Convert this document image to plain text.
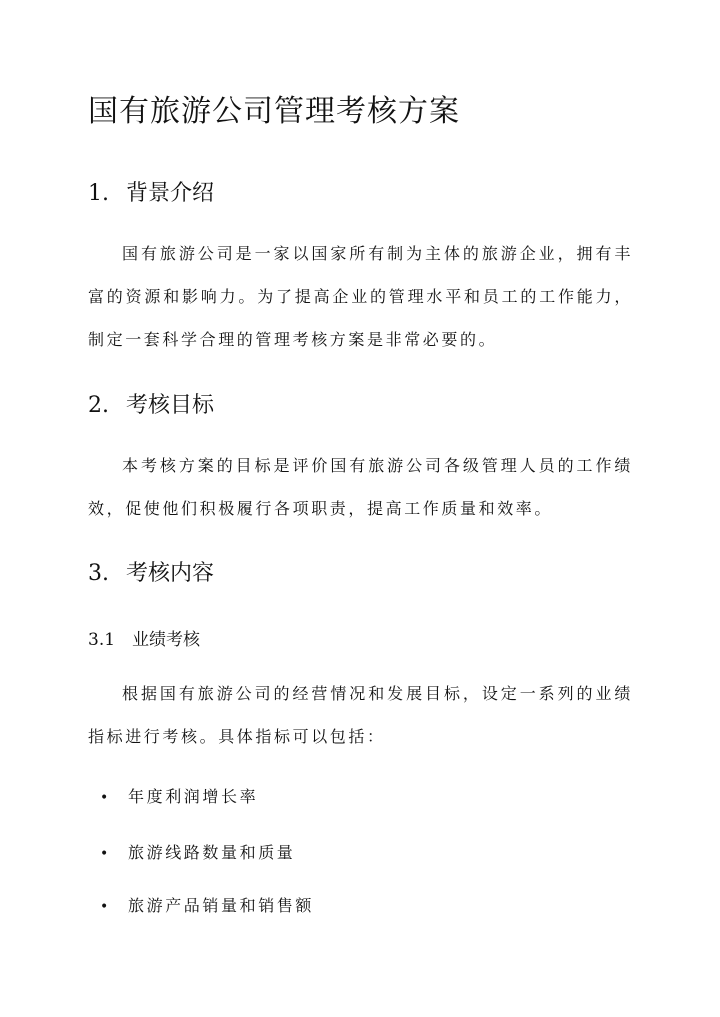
国有旅游公司管理考核方案
1. 背景介绍

国有旅游公司是一家以国家所有制为主体的旅游企业，拥有丰富的资源和影响力。为了提高企业的管理水平和员工的工作能力，制定一套科学合理的管理考核方案是非常必要的。

2. 考核目标

本考核方案的目标是评价国有旅游公司各级管理人员的工作绩效，促使他们积极履行各项职责，提高工作质量和效率。

3. 考核内容
3.1 业绩考核

根据国有旅游公司的经营情况和发展目标，设定一系列的业绩指标进行考核。具体指标可以包括：

• 年度利润增长率
• 旅游线路数量和质量
• 旅游产品销量和销售额
